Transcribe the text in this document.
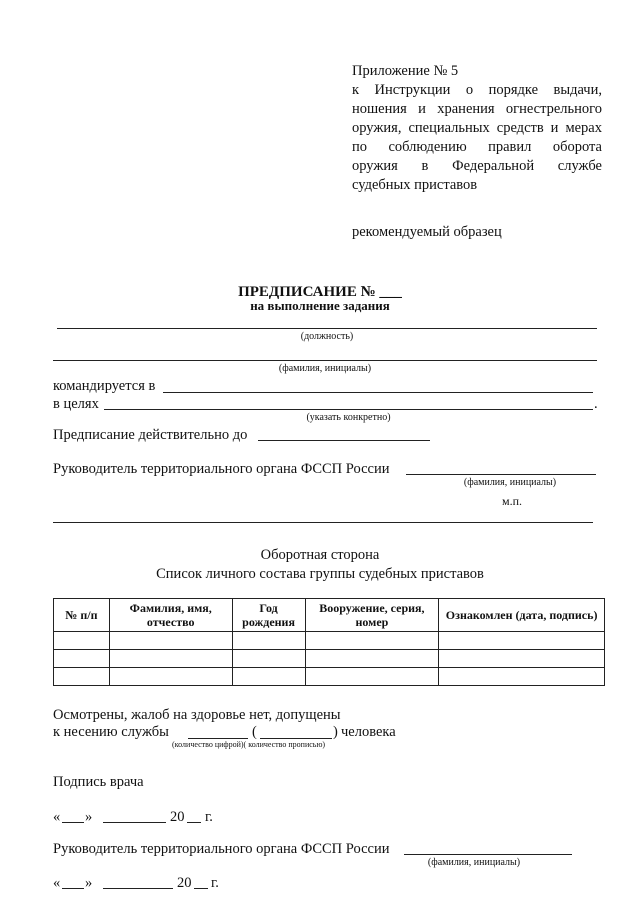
Приложение № 5
к Инструкции о порядке выдачи,
ношения и хранения огнестрельного
оружия, специальных средств и мерах
по соблюдению правил оборота
оружия в Федеральной службе
судебных приставов
рекомендуемый образец
ПРЕДПИСАНИЕ № ___
на выполнение задания
(должность)
(фамилия, инициалы)
командируется в
в целях	.
(указать конкретно)
Предписание действительно до
Руководитель территориального органа ФССП России
(фамилия, инициалы)
м.п.
Оборотная сторона
Список личного состава группы судебных приставов
№ п/п	Фамилия, имя, отчество	Год рождения	Вооружение, серия, номер	Ознакомлен (дата, подпись)

Осмотрены, жалоб на здоровье нет, допущены
к несению службы	(	) человека
(количество цифрой)( количество прописью)
Подпись врача
« »	20 г.
Руководитель территориального органа ФССП России
(фамилия, инициалы)
« »	20 г.
